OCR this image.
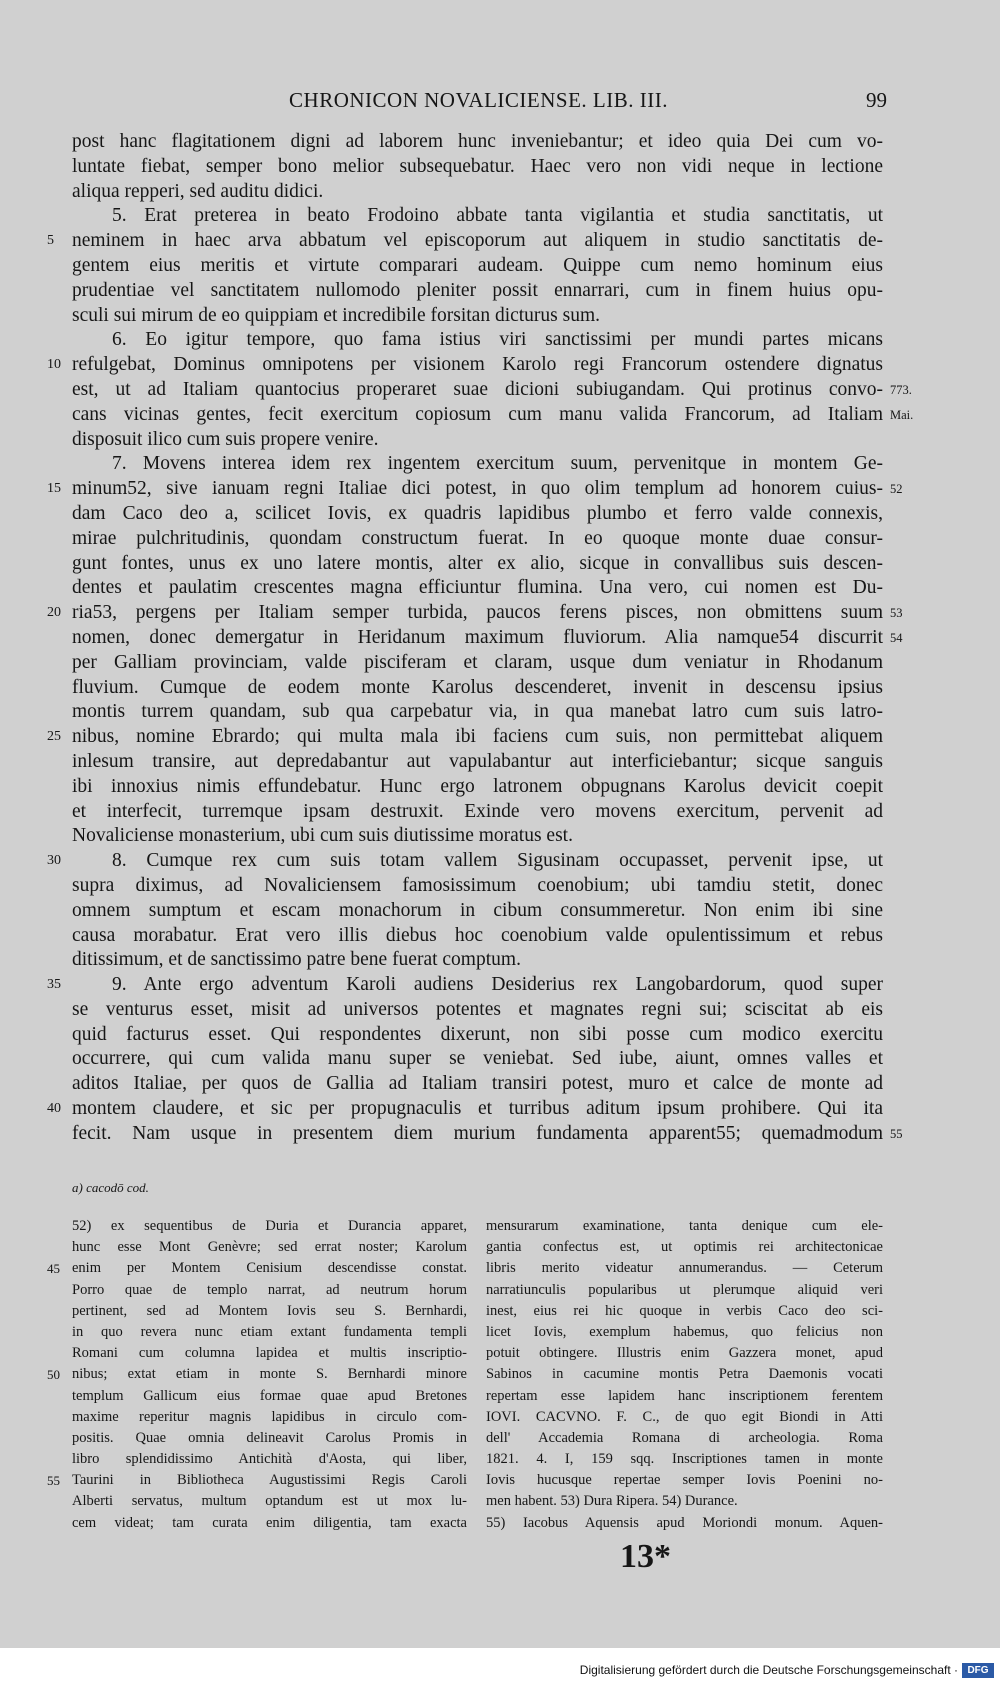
CHRONICON NOVALICIENSE. LIB. III.	99
post hanc flagitationem digni ad laborem hunc inveniebantur; et ideo quia Dei cum vo-
luntate fiebat, semper bono melior subsequebatur. Haec vero non vidi neque in lectione
aliqua repperi, sed auditu didici.
5. Erat preterea in beato Frodoino abbate tanta vigilantia et studia sanctitatis, ut
neminem in haec arva abbatum vel episcoporum aut aliquem in studio sanctitatis de-
5
gentem eius meritis et virtute comparari audeam. Quippe cum nemo hominum eius
prudentiae vel sanctitatem nullomodo pleniter possit ennarrari, cum in finem huius opu-
sculi sui mirum de eo quippiam et incredibile forsitan dicturus sum.
6. Eo igitur tempore, quo fama istius viri sanctissimi per mundi partes micans
refulgebat, Dominus omnipotens per visionem Karolo regi Francorum ostendere dignatus
10
est, ut ad Italiam quantocius properaret suae dicioni subiugandam. Qui protinus convo- 773.
cans vicinas gentes, fecit exercitum copiosum cum manu valida Francorum, ad Italiam Mai.
disposuit ilico cum suis propere venire.
7. Movens interea idem rex ingentem exercitum suum, pervenitque in montem Ge-
minum52, sive ianuam regni Italiae dici potest, in quo olim templum ad honorem cuius-
15	52
dam Caco deo a, scilicet Iovis, ex quadris lapidibus plumbo et ferro valde connexis,
mirae pulchritudinis, quondam constructum fuerat. In eo quoque monte duae consur-
gunt fontes, unus ex uno latere montis, alter ex alio, sicque in convallibus suis descen-
dentes et paulatim crescentes magna efficiuntur flumina. Una vero, cui nomen est Du-
ria53, pergens per Italiam semper turbida, paucos ferens pisces, non obmittens suum
20	53
nomen, donec demergatur in Heridanum maximum fluviorum. Alia namque54 discurrit 54
per Galliam provinciam, valde pisciferam et claram, usque dum veniatur in Rhodanum
fluvium. Cumque de eodem monte Karolus descenderet, invenit in descensu ipsius
montis turrem quandam, sub qua carpebatur via, in qua manebat latro cum suis latro-
nibus, nomine Ebrardo; qui multa mala ibi faciens cum suis, non permittebat aliquem
25
inlesum transire, aut depredabantur aut vapulabantur aut interficiebantur; sicque sanguis
ibi innoxius nimis effundebatur. Hunc ergo latronem obpugnans Karolus devicit coepit
et interfecit, turremque ipsam destruxit. Exinde vero movens exercitum, pervenit ad
Novaliciense monasterium, ubi cum suis diutissime moratus est.
8. Cumque rex cum suis totam vallem Sigusinam occupasset, pervenit ipse, ut
30
supra diximus, ad Novaliciensem famosissimum coenobium; ubi tamdiu stetit, donec
omnem sumptum et escam monachorum in cibum consummeretur. Non enim ibi sine
causa morabatur. Erat vero illis diebus hoc coenobium valde opulentissimum et rebus
ditissimum, et de sanctissimo patre bene fuerat comptum.
9. Ante ergo adventum Karoli audiens Desiderius rex Langobardorum, quod super
35
se venturus esset, misit ad universos potentes et magnates regni sui; sciscitat ab eis
quid facturus esset. Qui respondentes dixerunt, non sibi posse cum modico exercitu
occurrere, qui cum valida manu super se veniebat. Sed iube, aiunt, omnes valles et
aditos Italiae, per quos de Gallia ad Italiam transiri potest, muro et calce de monte ad
montem claudere, et sic per propugnaculis et turribus aditum ipsum prohibere. Qui ita
40
fecit. Nam usque in presentem diem murium fundamenta apparent55; quemadmodum 55
a) cacodō cod.
52) ex sequentibus de Duria et Durancia apparet,
hunc esse Mont Genèvre; sed errat noster; Karolum
enim per Montem Cenisium descendisse constat.
45
Porro quae de templo narrat, ad neutrum horum
pertinent, sed ad Montem Iovis seu S. Bernhardi,
in quo revera nunc etiam extant fundamenta templi
Romani cum columna lapidea et multis inscriptio-
nibus; extat etiam in monte S. Bernhardi minore
50
templum Gallicum eius formae quae apud Bretones
maxime reperitur magnis lapidibus in circulo com-
positis. Quae omnia delineavit Carolus Promis in
libro splendidissimo Antichità d'Aosta, qui liber,
Taurini in Bibliotheca Augustissimi Regis Caroli
55
Alberti servatus, multum optandum est ut mox lu-
cem videat; tam curata enim diligentia, tam exacta
mensurarum examinatione, tanta denique cum ele-
gantia confectus est, ut optimis rei architectonicae
libris merito videatur annumerandus. — Ceterum
narratiunculis popularibus ut plerumque aliquid veri
inest, eius rei hic quoque in verbis Caco deo sci-
licet Iovis, exemplum habemus, quo felicius non
potuit obtingere. Illustris enim Gazzera monet, apud
Sabinos in cacumine montis Petra Daemonis vocati
repertam esse lapidem hanc inscriptionem ferentem
IOVI. CACVNO. F. C., de quo egit Biondi in Atti
dell' Accademia Romana di archeologia. Roma
1821. 4. I, 159 sqq. Inscriptiones tamen in monte
Iovis hucusque repertae semper Iovis Poenini no-
men habent. 53) Dura Ripera. 54) Durance.
55) Iacobus Aquensis apud Moriondi monum. Aquen-
13*
Digitalisierung gefördert durch die Deutsche Forschungsgemeinschaft · DFG
